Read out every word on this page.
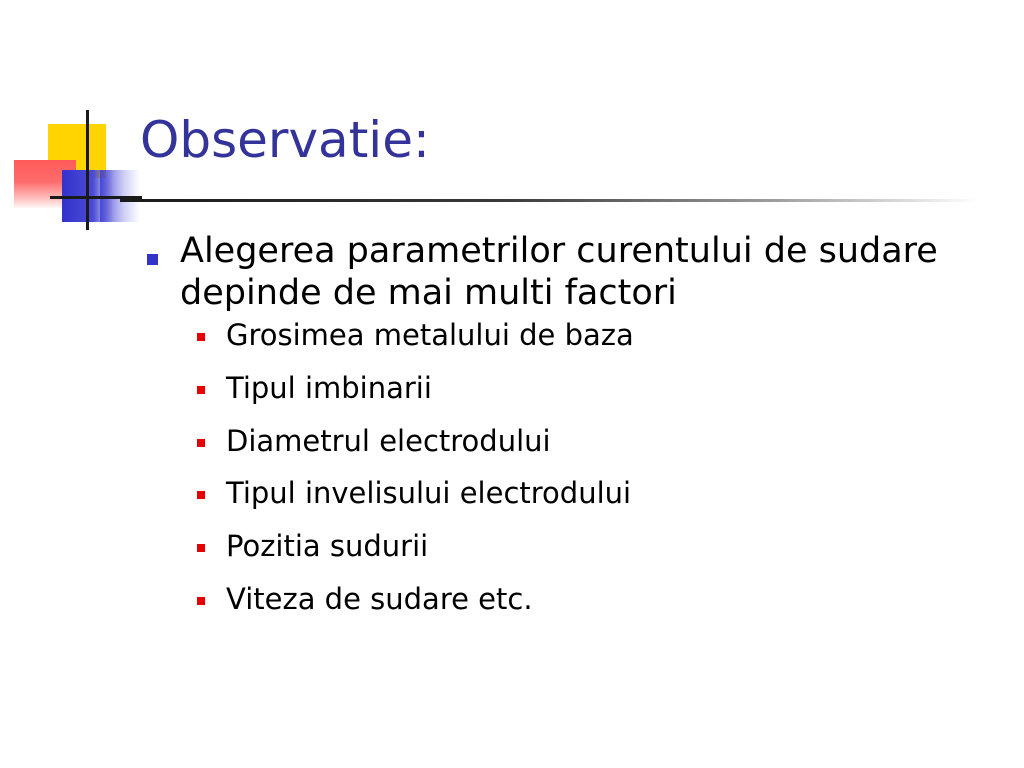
Observatie:
Alegerea parametrilor curentului de sudare depinde de mai multi factori
Grosimea metalului de baza
Tipul imbinarii
Diametrul electrodului
Tipul invelisului electrodului
Pozitia sudurii
Viteza de sudare etc.
